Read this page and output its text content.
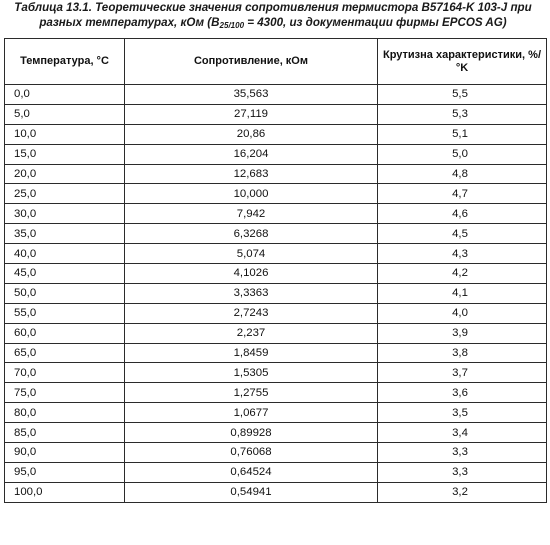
Таблица 13.1. Теоретические значения сопротивления термистора B57164-K 103-J при разных температурах, кОм ($B_{25/100} = 4300$, из документации фирмы EPCOS AG)
Температура, °C	Сопротивление, кОм	Крутизна характеристики, %/°K
0,0	35,563	5,5
5,0	27,119	5,3
10,0	20,86	5,1
15,0	16,204	5,0
20,0	12,683	4,8
25,0	10,000	4,7
30,0	7,942	4,6
35,0	6,3268	4,5
40,0	5,074	4,3
45,0	4,1026	4,2
50,0	3,3363	4,1
55,0	2,7243	4,0
60,0	2,237	3,9
65,0	1,8459	3,8
70,0	1,5305	3,7
75,0	1,2755	3,6
80,0	1,0677	3,5
85,0	0,89928	3,4
90,0	0,76068	3,3
95,0	0,64524	3,3
100,0	0,54941	3,2
